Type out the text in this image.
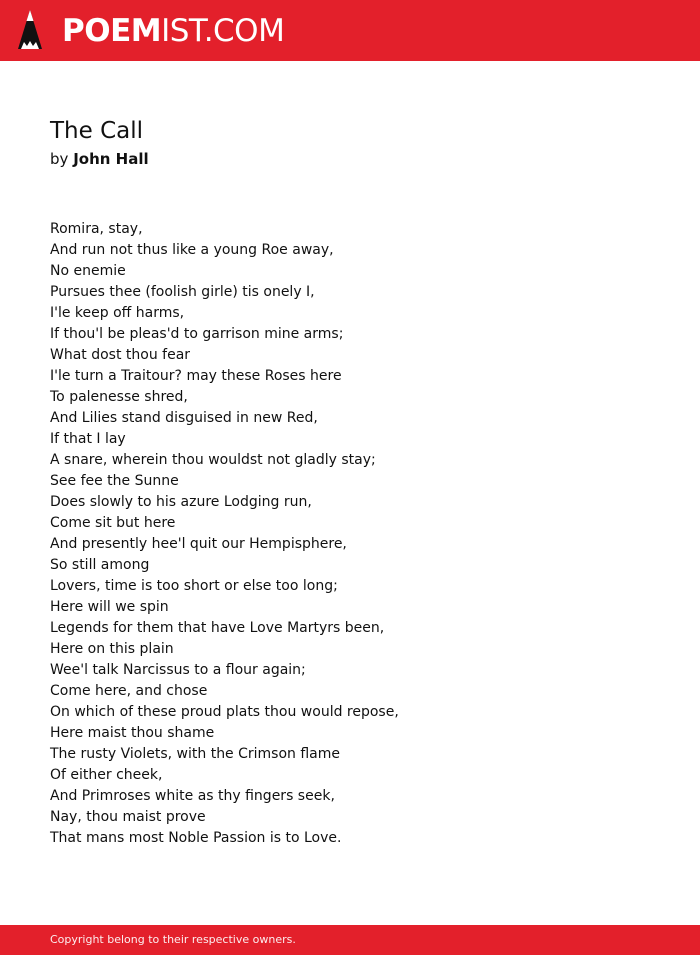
POEMIST.COM
The Call
by John Hall
Romira, stay,
And run not thus like a young Roe away,
No enemie
Pursues thee (foolish girle) tis onely I,
I'le keep off harms,
If thou'l be pleas'd to garrison mine arms;
What dost thou fear
I'le turn a Traitour? may these Roses here
To palenesse shred,
And Lilies stand disguised in new Red,
If that I lay
A snare, wherein thou wouldst not gladly stay;
See fee the Sunne
Does slowly to his azure Lodging run,
Come sit but here
And presently hee'l quit our Hempisphere,
So still among
Lovers, time is too short or else too long;
Here will we spin
Legends for them that have Love Martyrs been,
Here on this plain
Wee'l talk Narcissus to a flour again;
Come here, and chose
On which of these proud plats thou would repose,
Here maist thou shame
The rusty Violets, with the Crimson flame
Of either cheek,
And Primroses white as thy fingers seek,
Nay, thou maist prove
That mans most Noble Passion is to Love.
Copyright belong to their respective owners.
